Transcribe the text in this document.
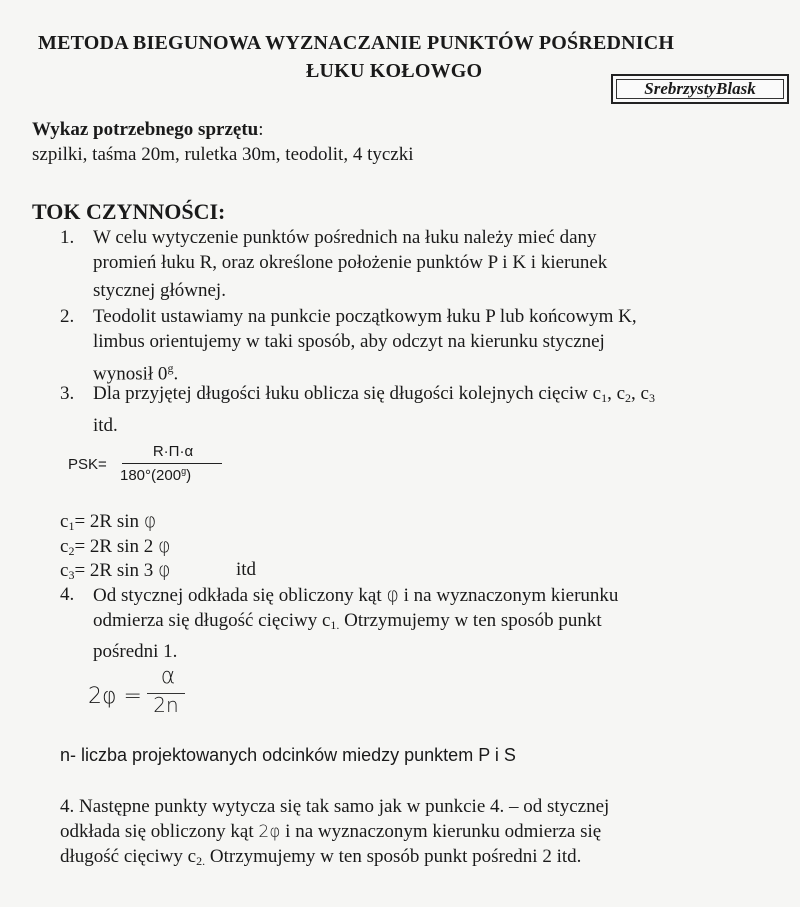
METODA BIEGUNOWA WYZNACZANIE PUNKTÓW POŚREDNICH
ŁUKU KOŁOWGO
SrebrzystyBlask
Wykaz potrzebnego sprzętu:
szpilki, taśma 20m, ruletka 30m, teodolit, 4 tyczki
TOK CZYNNOŚCI:
1. W celu wytyczenie punktów pośrednich na łuku należy mieć dany
promień łuku R, oraz określone położenie punktów P i K i kierunek
stycznej głównej.
2. Teodolit ustawiamy na punkcie początkowym łuku P lub końcowym K,
limbus orientujemy w taki sposób, aby odczyt na kierunku stycznej
wynosił 0$^g$.
3. Dla przyjętej długości łuku oblicza się długości kolejnych cięciw $c_1$, $c_2$, $c_3$
itd.
PSK=
R·Π·α
180°(200$^g$)
$c_1= 2R$ sin φ
$c_2= 2R$ sin 2 φ
$c_3= 2R$ sin 3 φ	itd
4. Od stycznej odkłada się obliczony kąt φ i na wyznaczonym kierunku
odmierza się długość cięciwy $c_{1.}$ Otrzymujemy w ten sposób punkt
pośredni 1.
2φ =
α
2n
n- liczba projektowanych odcinków miedzy punktem P i S
4. Następne punkty wytycza się tak samo jak w punkcie 4. – od stycznej
odkłada się obliczony kąt 2φ i na wyznaczonym kierunku odmierza się
długość cięciwy $c_{2.}$ Otrzymujemy w ten sposób punkt pośredni 2 itd.
